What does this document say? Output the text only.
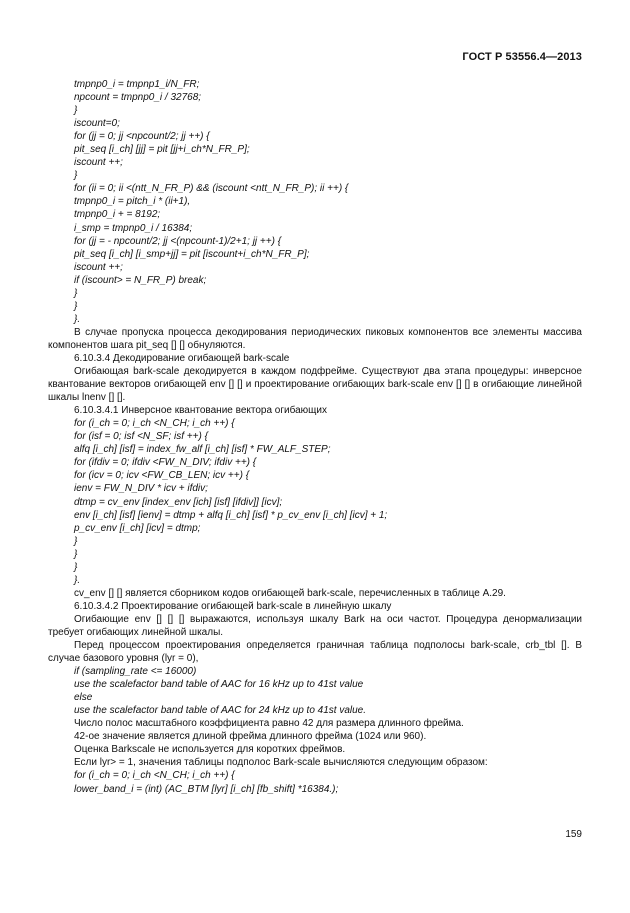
ГОСТ Р 53556.4—2013
tmpnp0_i = tmpnp1_i/N_FR;
npcount = tmpnp0_i / 32768;
}
iscount=0;
for (jj = 0; jj <npcount/2; jj ++) {
pit_seq [i_ch] [jj] = pit [jj+i_ch*N_FR_P];
iscount ++;
}
for (ii = 0; ii <(ntt_N_FR_P) && (iscount <ntt_N_FR_P); ii ++) {
tmpnp0_i = pitch_i * (ii+1),
tmpnp0_i + = 8192;
i_smp = tmpnp0_i / 16384;
for (jj = - npcount/2; jj <(npcount-1)/2+1; jj ++) {
pit_seq [i_ch] [i_smp+jj] = pit [iscount+i_ch*N_FR_P];
iscount ++;
if (iscount> = N_FR_P) break;
}
}
}.
В случае пропуска процесса декодирования периодических пиковых компонентов все элементы массива компонентов шага pit_seq [] [] обнуляются.
6.10.3.4 Декодирование огибающей bark-scale
Огибающая bark-scale декодируется в каждом подфрейме. Существуют два этапа процедуры: инверсное квантование векторов огибающей env [] [] и проектирование огибающих bark-scale env [] [] в огибающие линейной шкалы lnenv [] [].
6.10.3.4.1 Инверсное квантование вектора огибающих
for (i_ch = 0; i_ch <N_CH; i_ch ++) {
for (isf = 0; isf <N_SF; isf ++) {
alfq [i_ch] [isf] = index_fw_alf [i_ch] [isf] * FW_ALF_STEP;
for (ifdiv = 0; ifdiv <FW_N_DIV; ifdiv ++) {
for (icv = 0; icv <FW_CB_LEN; icv ++) {
ienv = FW_N_DIV * icv + ifdiv;
dtmp = cv_env [index_env [ich] [isf] [ifdiv]] [icv];
env [i_ch] [isf] [ienv] = dtmp + alfq [i_ch] [isf] * p_cv_env [i_ch] [icv] + 1;
p_cv_env [i_ch] [icv] = dtmp;
}
}
}
}.
cv_env [] [] является сборником кодов огибающей bark-scale, перечисленных в таблице А.29.
6.10.3.4.2 Проектирование огибающей bark-scale в линейную шкалу
Огибающие env [] [] [] выражаются, используя шкалу Bark на оси частот. Процедура денормализации требует огибающих линейной шкалы.
Перед процессом проектирования определяется граничная таблица подполосы bark-scale, crb_tbl []. В случае базового уровня (lyr = 0),
if (sampling_rate <= 16000)
use the scalefactor band table of AAC for 16 kHz up to 41st value
else
use the scalefactor band table of AAC for 24 kHz up to 41st value.
Число полос масштабного коэффициента равно 42 для размера длинного фрейма.
42-ое значение является длиной фрейма длинного фрейма (1024 или 960).
Оценка Barkscale не используется для коротких фреймов.
Если lyr> = 1, значения таблицы подполос Bark-scale вычисляются следующим образом:
for (i_ch = 0; i_ch <N_CH; i_ch ++) {
lower_band_i = (int) (AC_BTM [lyr] [i_ch] [fb_shift] *16384.);
159
